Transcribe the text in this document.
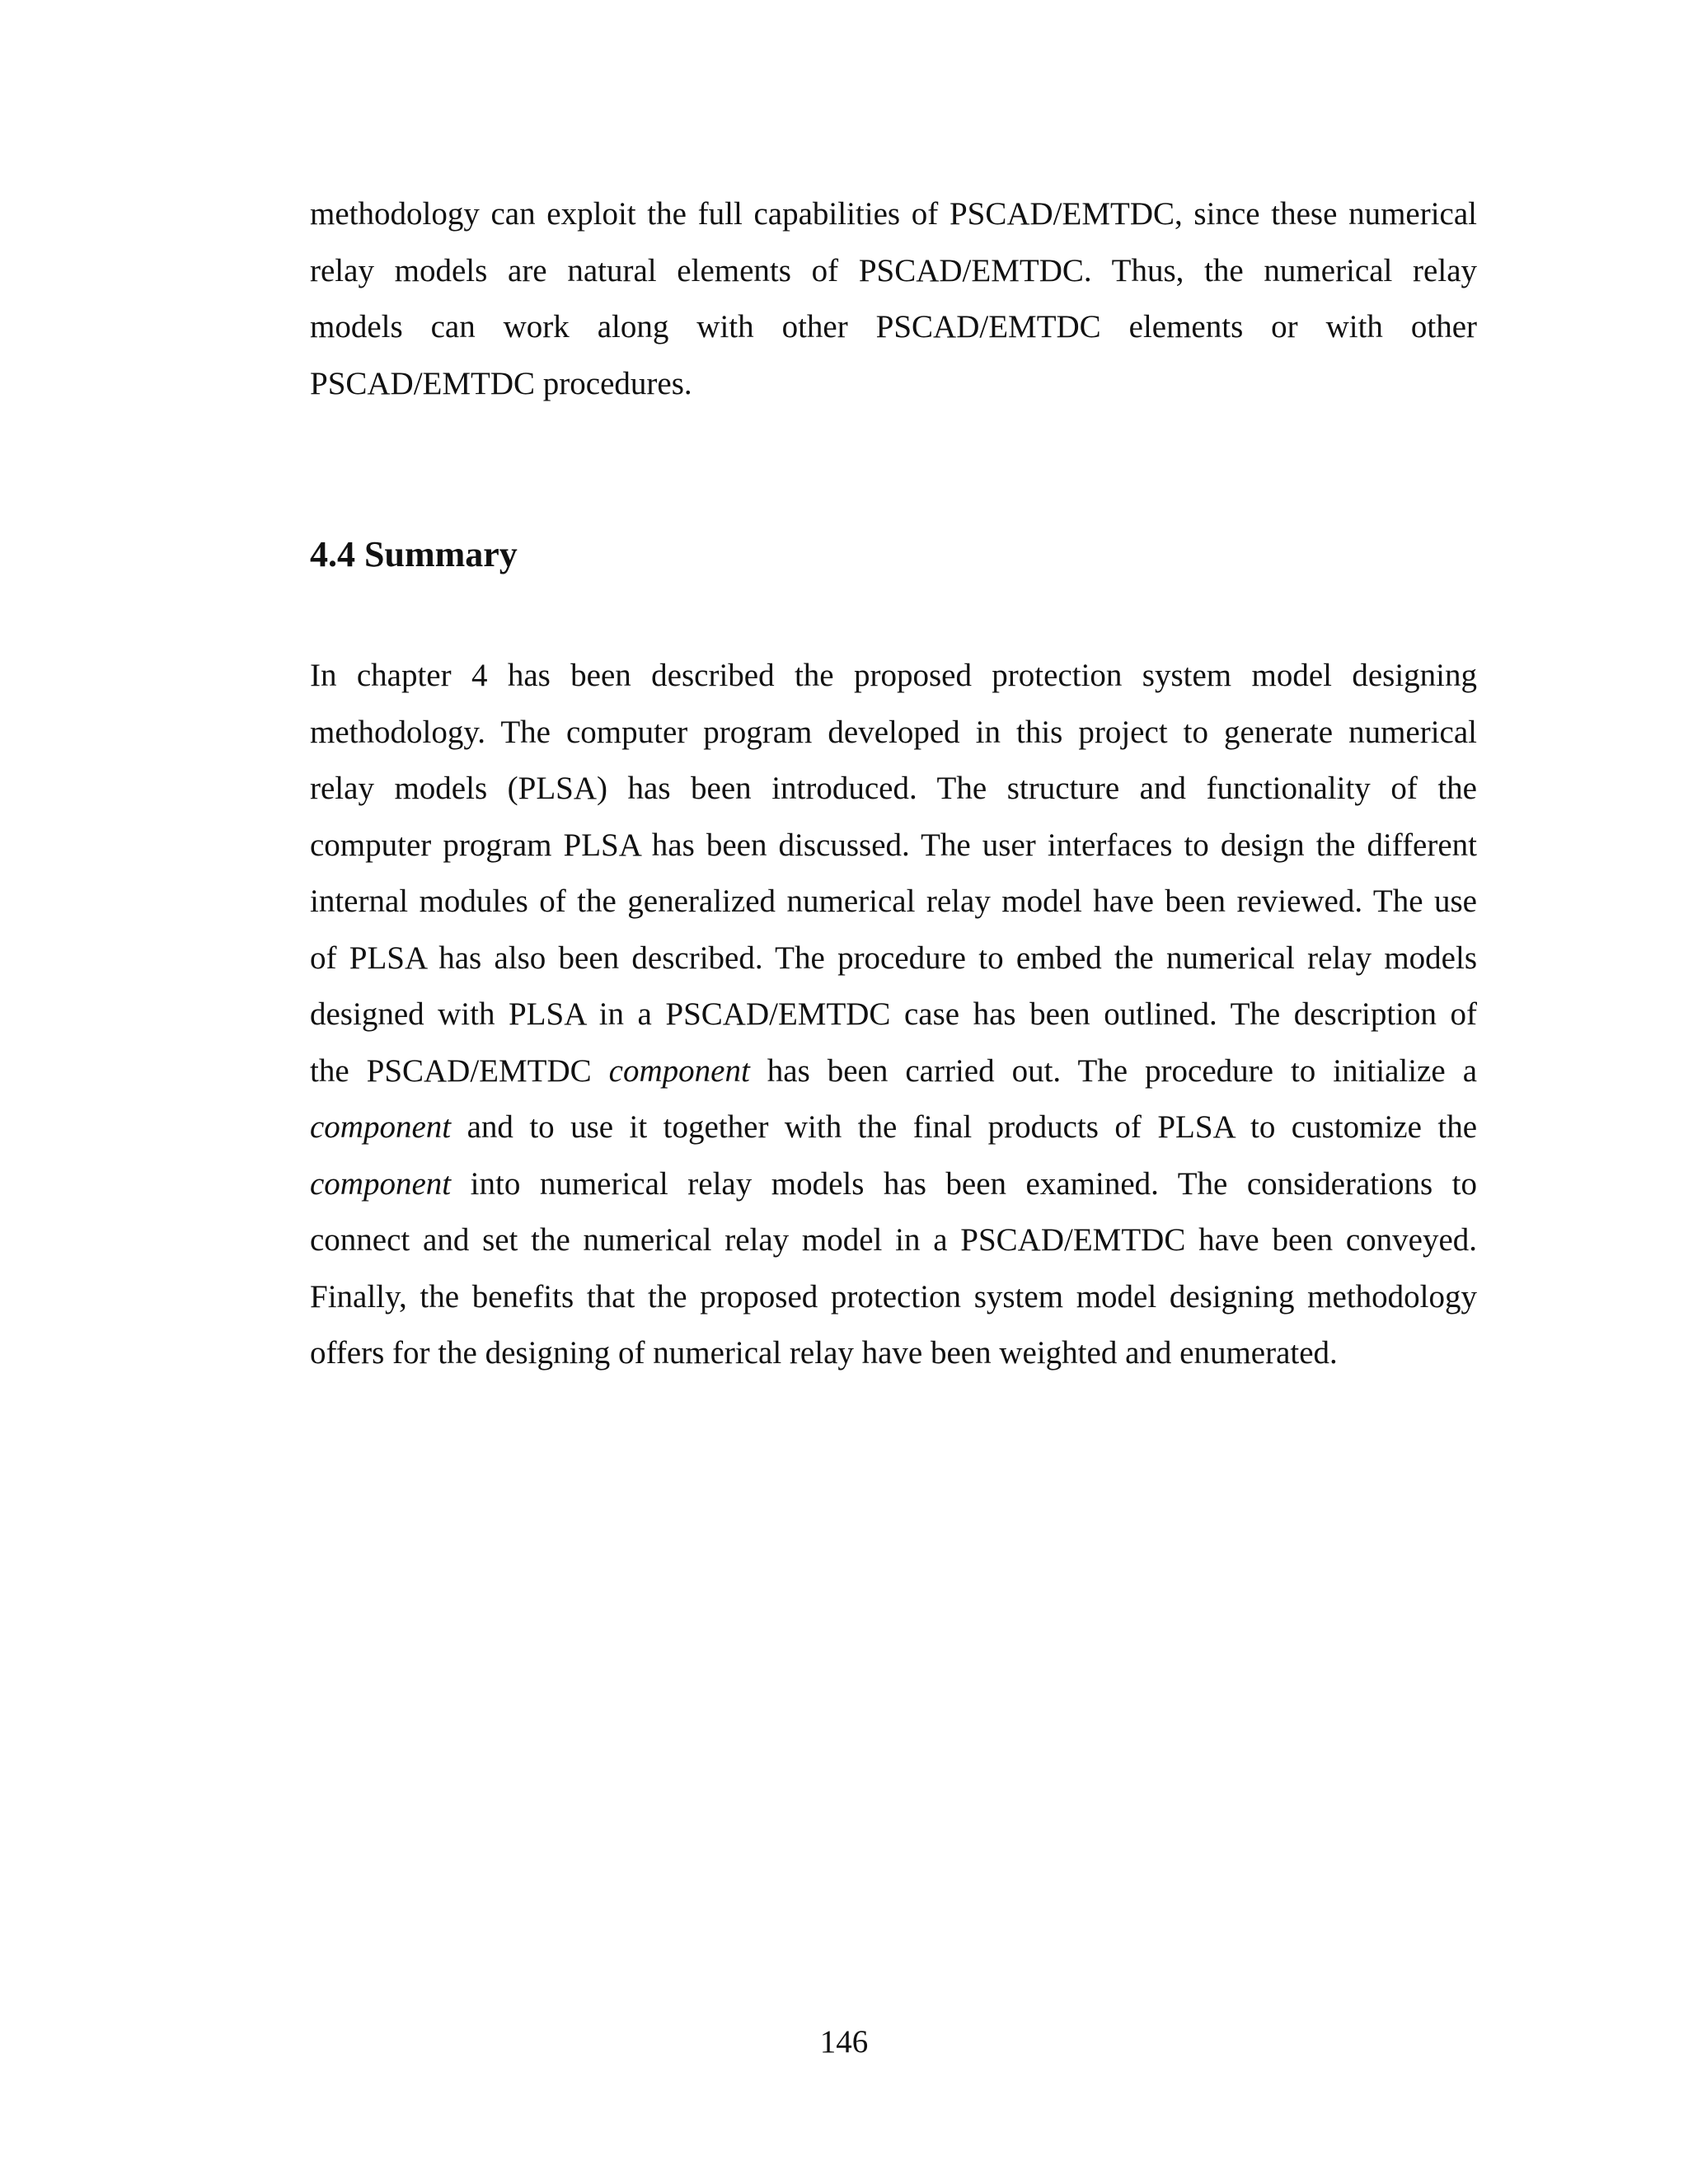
methodology can exploit the full capabilities of PSCAD/EMTDC, since these numerical
relay models are natural elements of PSCAD/EMTDC. Thus, the numerical relay
models can work along with other PSCAD/EMTDC elements or with other
PSCAD/EMTDC procedures.
4.4 Summary
In chapter 4 has been described the proposed protection system model designing
methodology. The computer program developed in this project to generate numerical
relay models (PLSA) has been introduced. The structure and functionality of the
computer program PLSA has been discussed. The user interfaces to design the different
internal modules of the generalized numerical relay model have been reviewed. The use
of PLSA has also been described. The procedure to embed the numerical relay models
designed with PLSA in a PSCAD/EMTDC case has been outlined. The description of
the PSCAD/EMTDC component has been carried out. The procedure to initialize a
component and to use it together with the final products of PLSA to customize the
component into numerical relay models has been examined. The considerations to
connect and set the numerical relay model in a PSCAD/EMTDC have been conveyed.
Finally, the benefits that the proposed protection system model designing methodology
offers for the designing of numerical relay have been weighted and enumerated.
146
